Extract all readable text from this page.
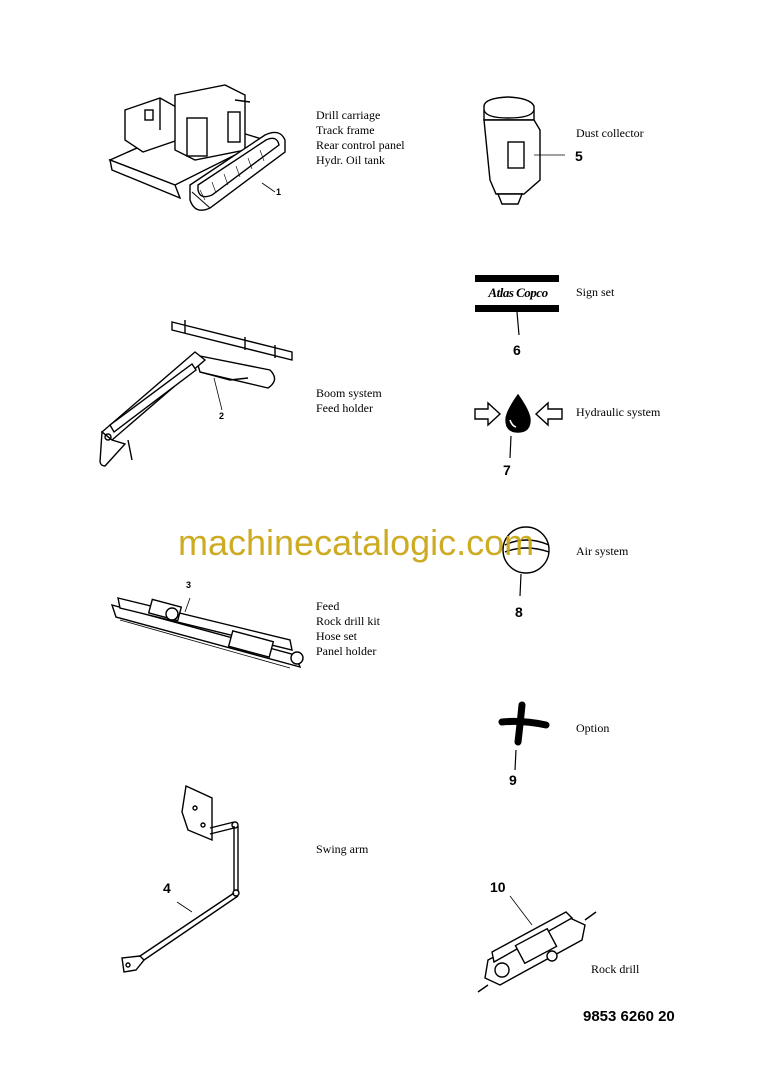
Atlas Copco
Drill carriage
Track frame
Rear control panel
Hydr. Oil tank
Boom system
Feed holder
Feed
Rock drill kit
Hose set
Panel holder
Swing arm
Dust collector
Sign set
Hydraulic system
Air system
Option
Rock drill
1
2
3
4
5
6
7
8
9
10
9853 6260 20
machinecatalogic.com
